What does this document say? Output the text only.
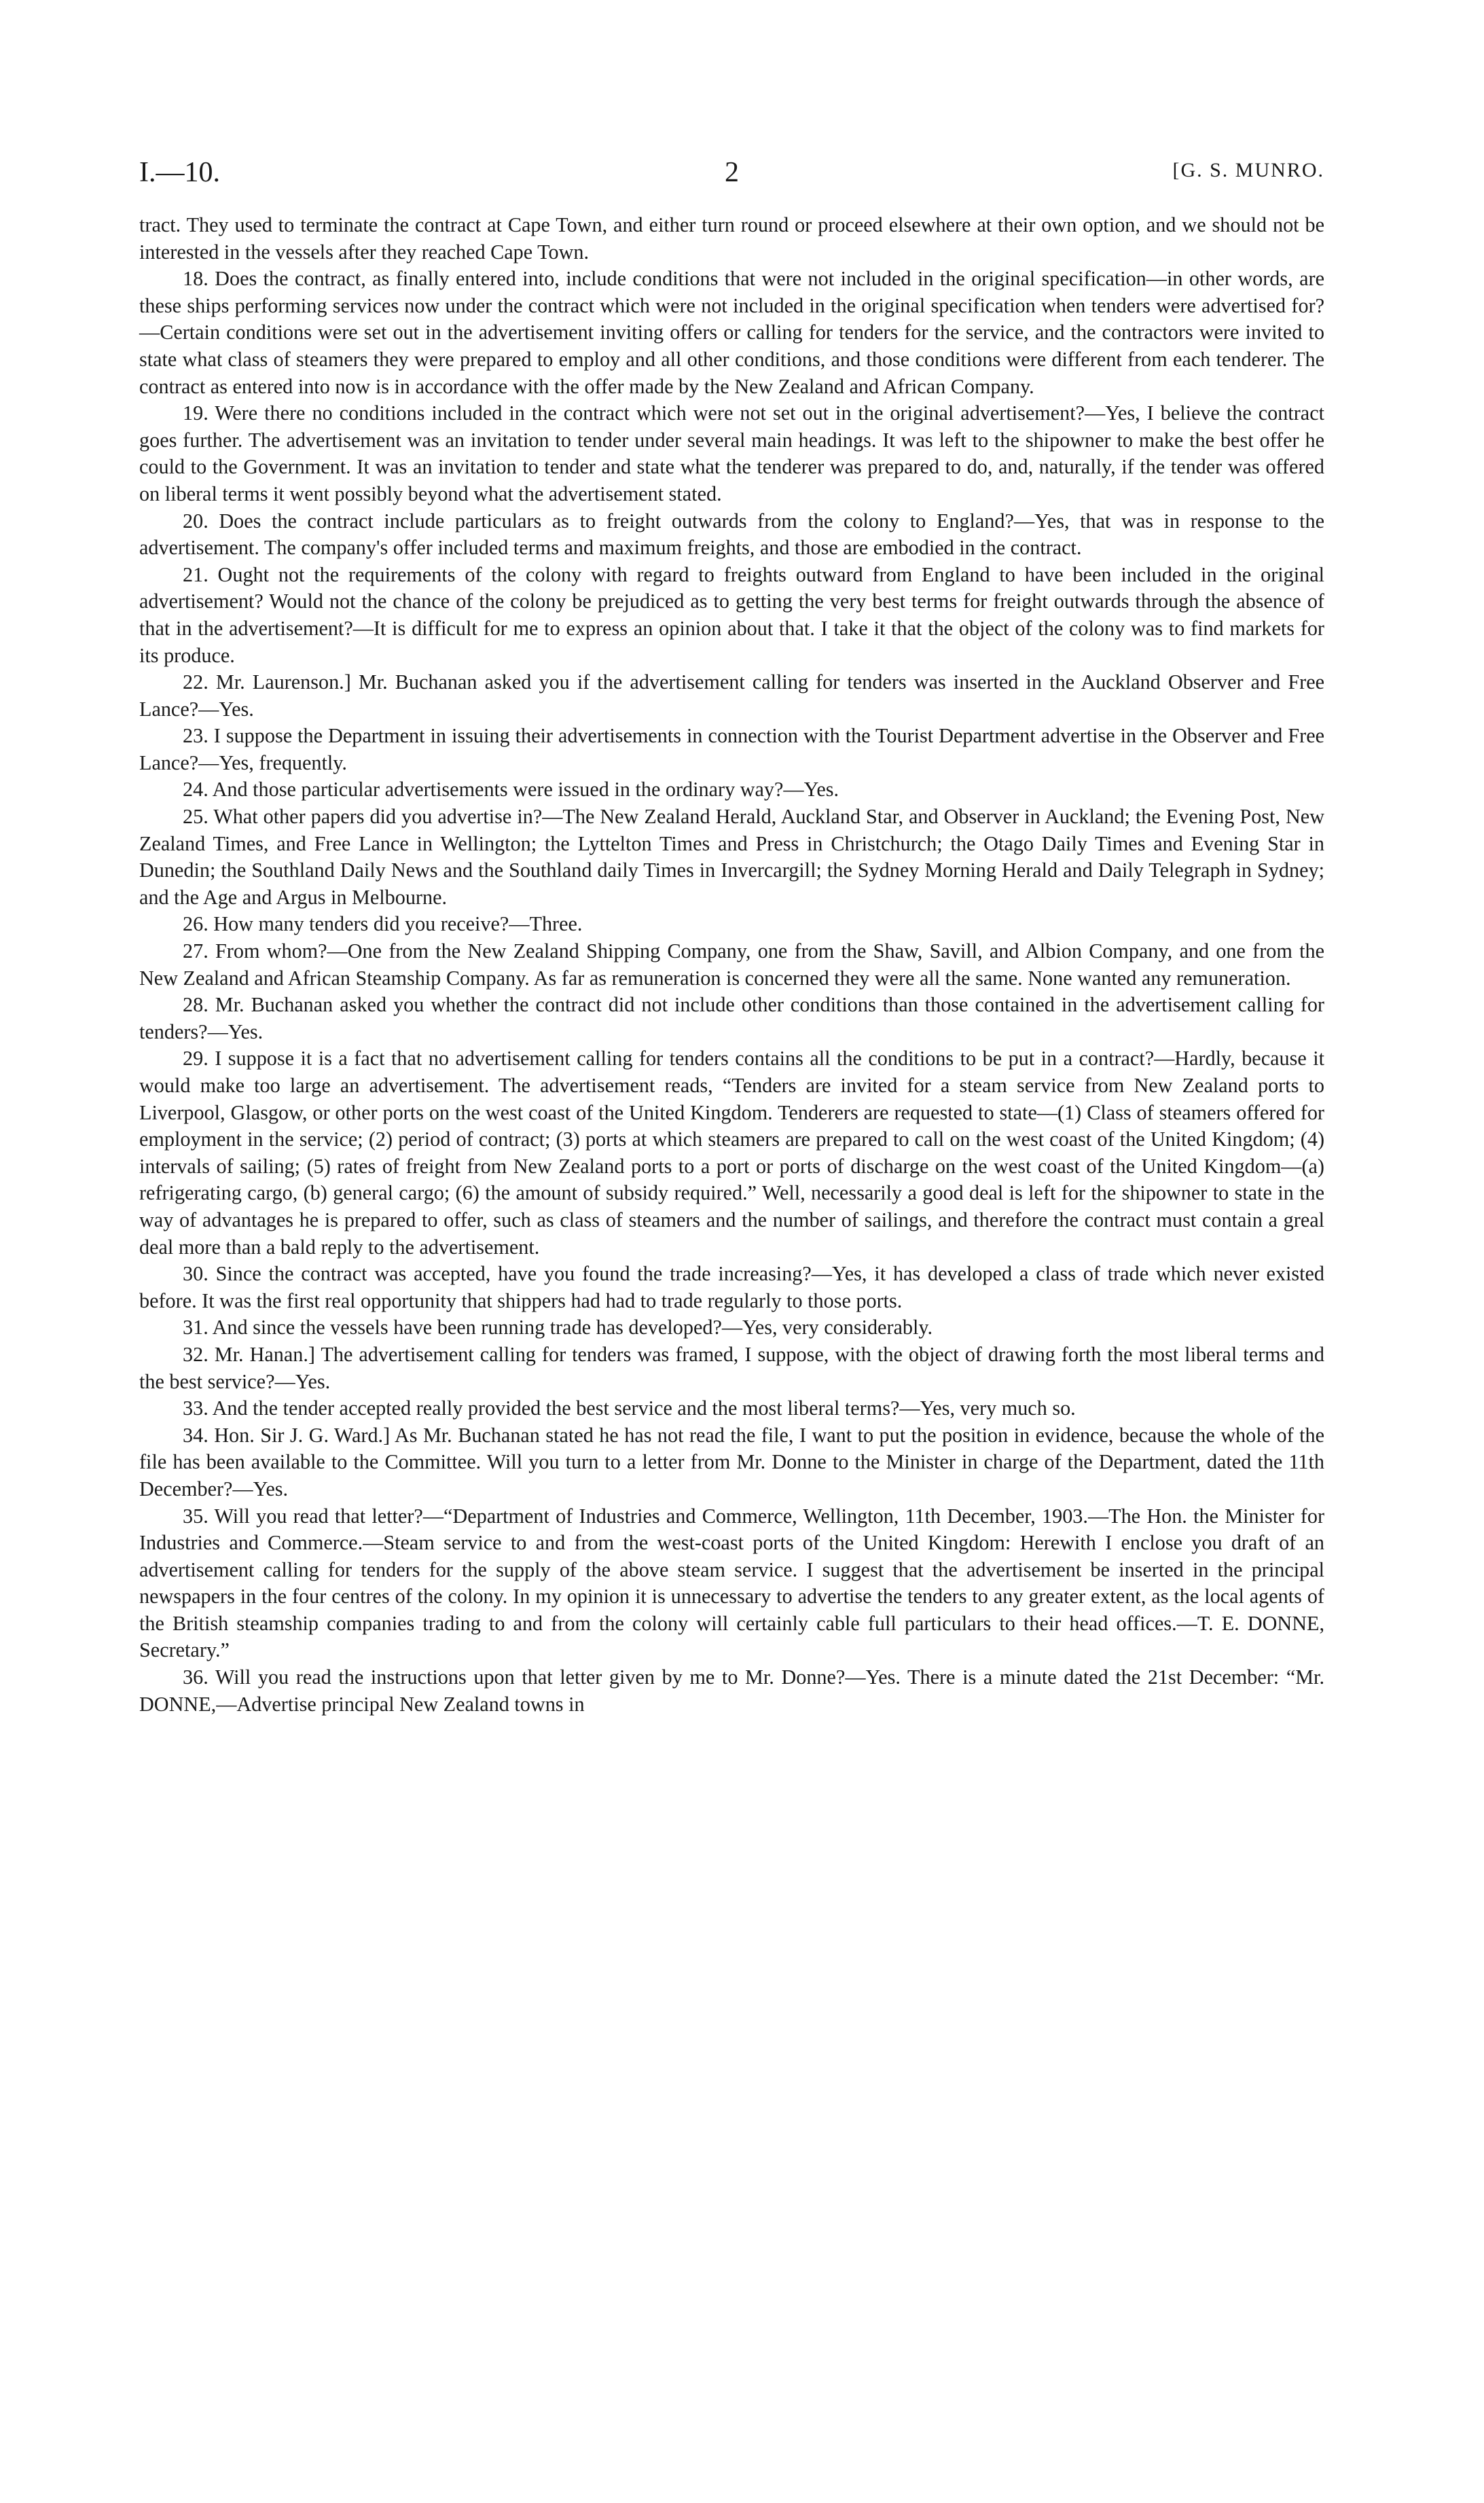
I.—10.	2	[G. S. MUNRO.

tract. They used to terminate the contract at Cape Town, and either turn round or proceed elsewhere at their own option, and we should not be interested in the vessels after they reached Cape Town.

18. Does the contract, as finally entered into, include conditions that were not included in the original specification—in other words, are these ships performing services now under the contract which were not included in the original specification when tenders were advertised for?—Certain conditions were set out in the advertisement inviting offers or calling for tenders for the service, and the contractors were invited to state what class of steamers they were prepared to employ and all other conditions, and those conditions were different from each tenderer. The contract as entered into now is in accordance with the offer made by the New Zealand and African Company.

19. Were there no conditions included in the contract which were not set out in the original advertisement?—Yes, I believe the contract goes further. The advertisement was an invitation to tender under several main headings. It was left to the shipowner to make the best offer he could to the Government. It was an invitation to tender and state what the tenderer was prepared to do, and, naturally, if the tender was offered on liberal terms it went possibly beyond what the advertisement stated.

20. Does the contract include particulars as to freight outwards from the colony to England?—Yes, that was in response to the advertisement. The company's offer included terms and maximum freights, and those are embodied in the contract.

21. Ought not the requirements of the colony with regard to freights outward from England to have been included in the original advertisement? Would not the chance of the colony be prejudiced as to getting the very best terms for freight outwards through the absence of that in the advertisement?—It is difficult for me to express an opinion about that. I take it that the object of the colony was to find markets for its produce.

22. Mr. Laurenson.] Mr. Buchanan asked you if the advertisement calling for tenders was inserted in the Auckland Observer and Free Lance?—Yes.

23. I suppose the Department in issuing their advertisements in connection with the Tourist Department advertise in the Observer and Free Lance?—Yes, frequently.

24. And those particular advertisements were issued in the ordinary way?—Yes.

25. What other papers did you advertise in?—The New Zealand Herald, Auckland Star, and Observer in Auckland; the Evening Post, New Zealand Times, and Free Lance in Wellington; the Lyttelton Times and Press in Christchurch; the Otago Daily Times and Evening Star in Dunedin; the Southland Daily News and the Southland daily Times in Invercargill; the Sydney Morning Herald and Daily Telegraph in Sydney; and the Age and Argus in Melbourne.

26. How many tenders did you receive?—Three.

27. From whom?—One from the New Zealand Shipping Company, one from the Shaw, Savill, and Albion Company, and one from the New Zealand and African Steamship Company. As far as remuneration is concerned they were all the same. None wanted any remuneration.

28. Mr. Buchanan asked you whether the contract did not include other conditions than those contained in the advertisement calling for tenders?—Yes.

29. I suppose it is a fact that no advertisement calling for tenders contains all the conditions to be put in a contract?—Hardly, because it would make too large an advertisement. The advertisement reads, “Tenders are invited for a steam service from New Zealand ports to Liverpool, Glasgow, or other ports on the west coast of the United Kingdom. Tenderers are requested to state—(1) Class of steamers offered for employment in the service; (2) period of contract; (3) ports at which steamers are prepared to call on the west coast of the United Kingdom; (4) intervals of sailing; (5) rates of freight from New Zealand ports to a port or ports of discharge on the west coast of the United Kingdom—(a) refrigerating cargo, (b) general cargo; (6) the amount of subsidy required.” Well, necessarily a good deal is left for the shipowner to state in the way of advantages he is prepared to offer, such as class of steamers and the number of sailings, and therefore the contract must contain a greal deal more than a bald reply to the advertisement.

30. Since the contract was accepted, have you found the trade increasing?—Yes, it has developed a class of trade which never existed before. It was the first real opportunity that shippers had had to trade regularly to those ports.

31. And since the vessels have been running trade has developed?—Yes, very considerably.

32. Mr. Hanan.] The advertisement calling for tenders was framed, I suppose, with the object of drawing forth the most liberal terms and the best service?—Yes.

33. And the tender accepted really provided the best service and the most liberal terms?—Yes, very much so.

34. Hon. Sir J. G. Ward.] As Mr. Buchanan stated he has not read the file, I want to put the position in evidence, because the whole of the file has been available to the Committee. Will you turn to a letter from Mr. Donne to the Minister in charge of the Department, dated the 11th December?—Yes.

35. Will you read that letter?—“Department of Industries and Commerce, Wellington, 11th December, 1903.—The Hon. the Minister for Industries and Commerce.—Steam service to and from the west-coast ports of the United Kingdom: Herewith I enclose you draft of an advertisement calling for tenders for the supply of the above steam service. I suggest that the advertisement be inserted in the principal newspapers in the four centres of the colony. In my opinion it is unnecessary to advertise the tenders to any greater extent, as the local agents of the British steamship companies trading to and from the colony will certainly cable full particulars to their head offices.—T. E. DONNE, Secretary.”

36. Will you read the instructions upon that letter given by me to Mr. Donne?—Yes. There is a minute dated the 21st December: “Mr. DONNE,—Advertise principal New Zealand towns in
